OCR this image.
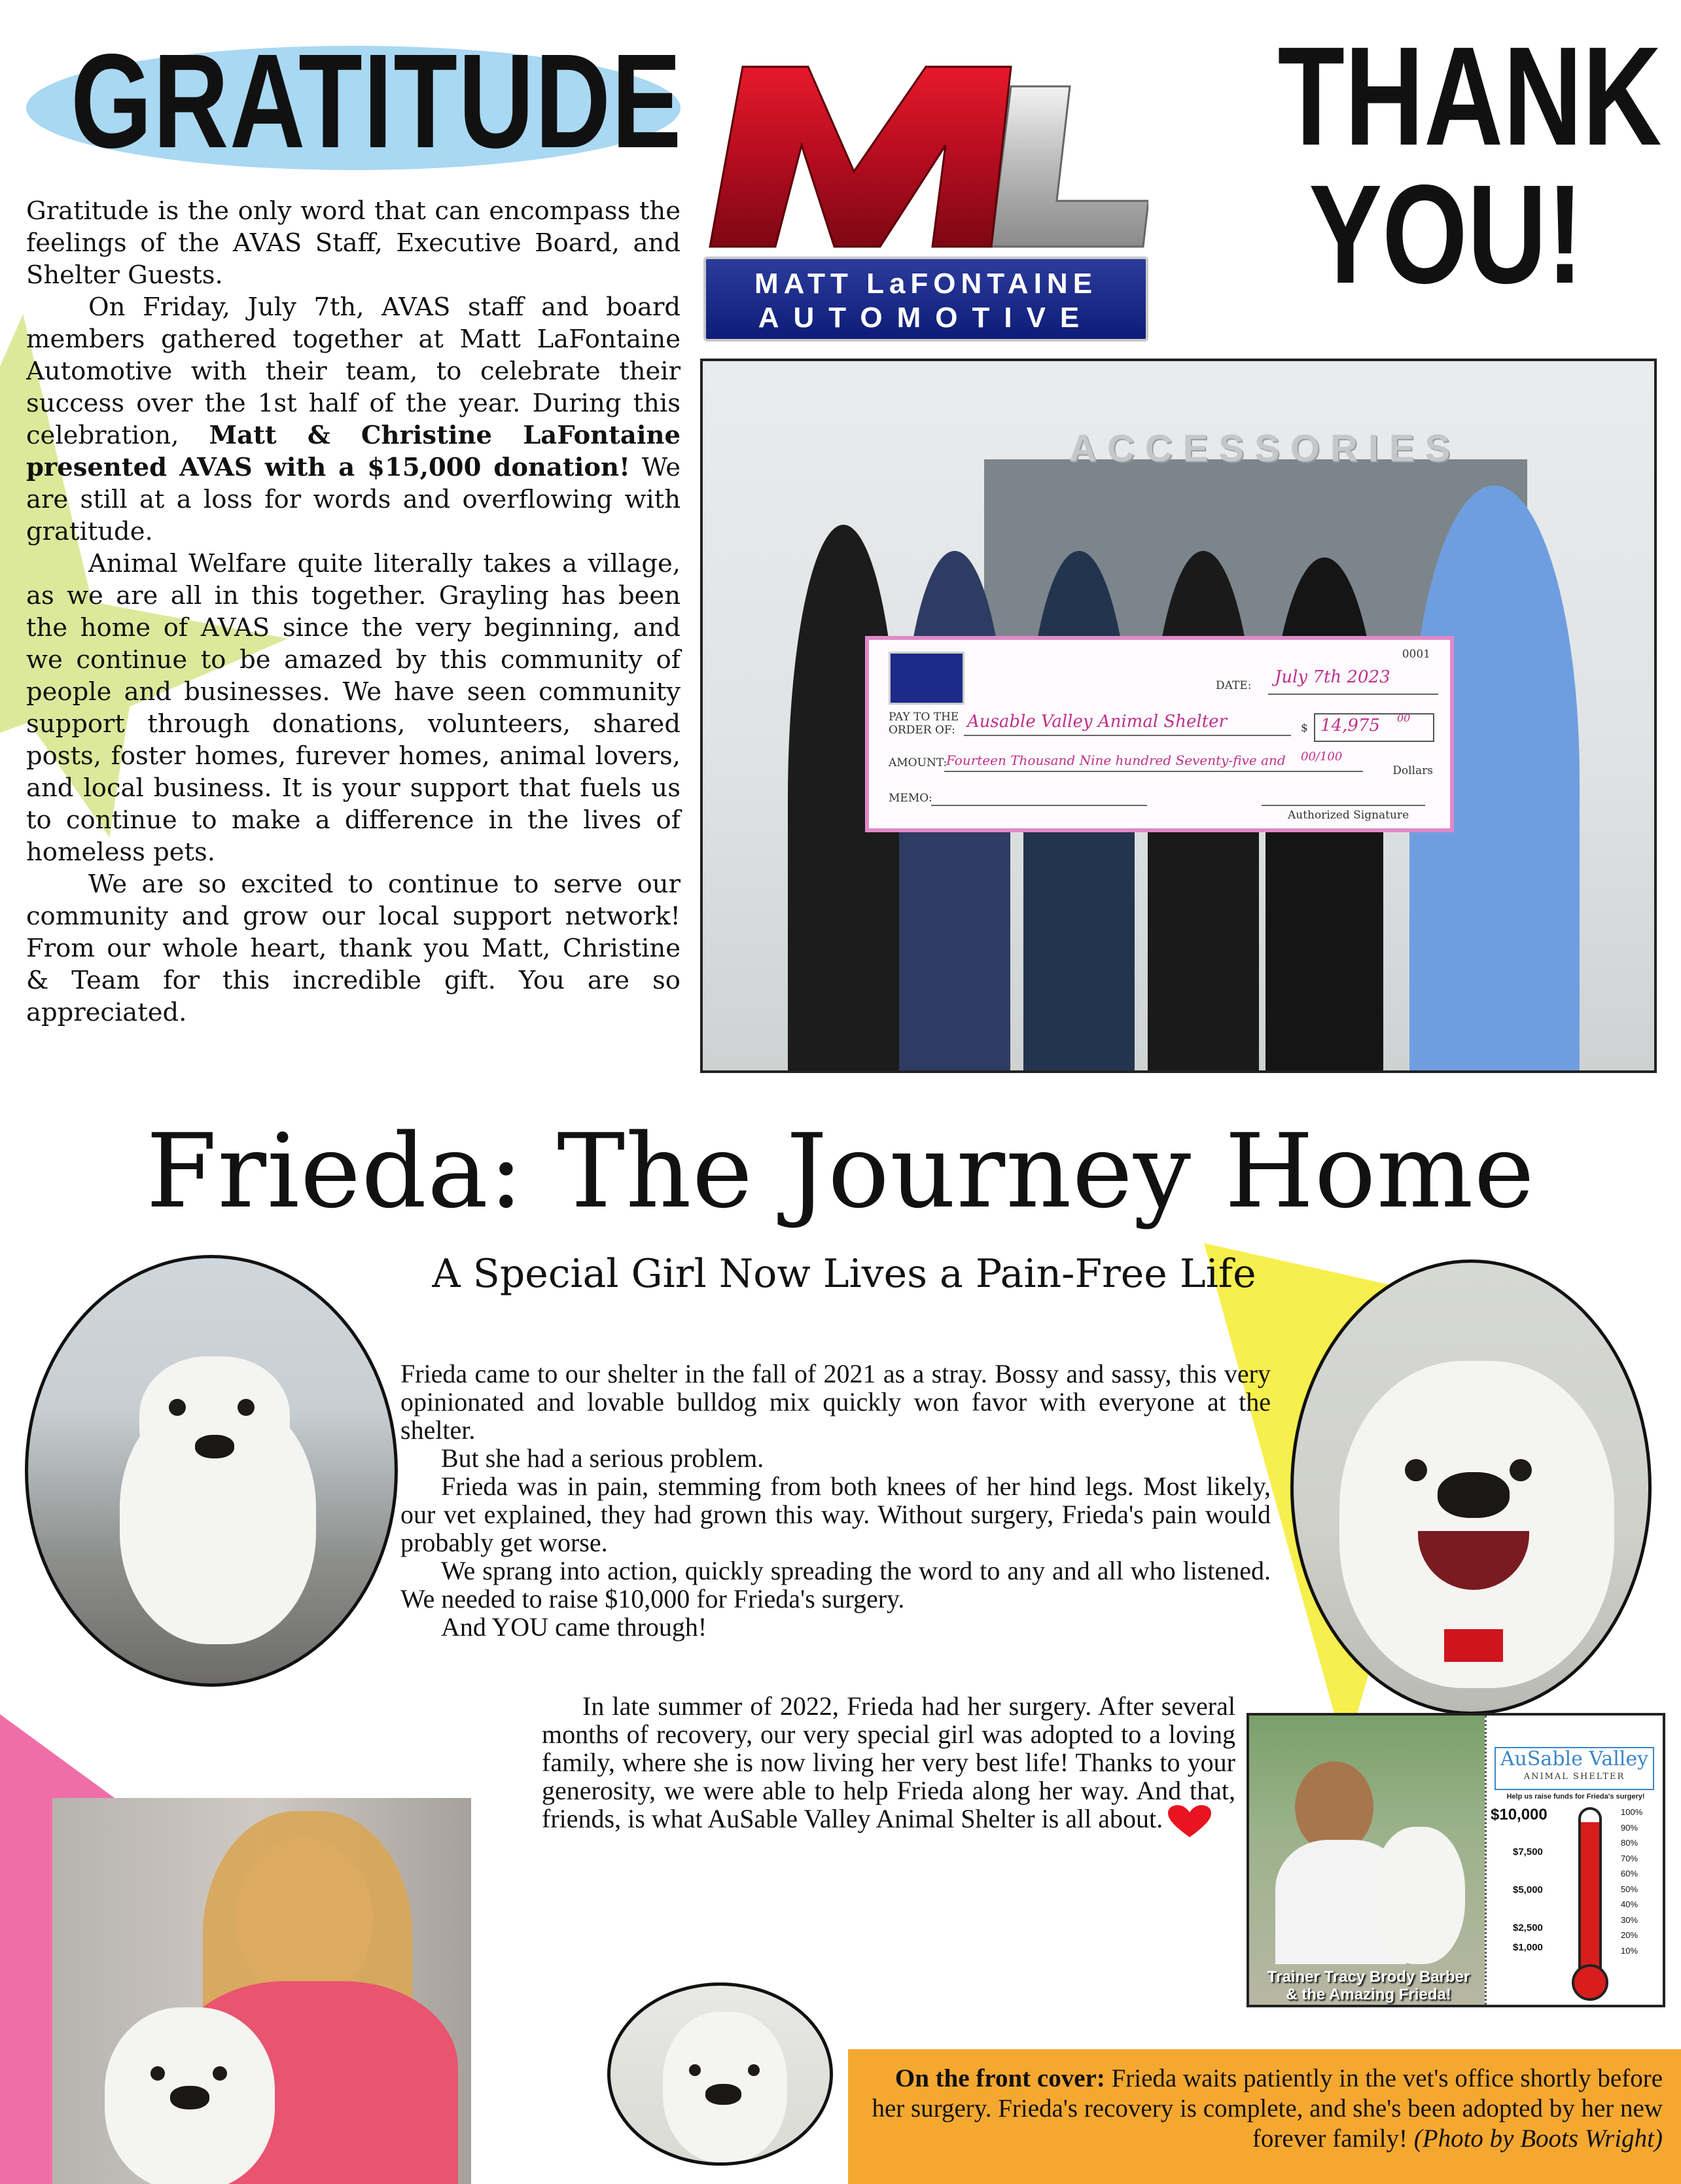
GRATITUDE	THANK
YOU!
MATT LaFONTAINE
AUTOMOTIVE

Gratitude is the only word that can encompass the feelings of the AVAS Staff, Executive Board, and Shelter Guests.

On Friday, July 7th, AVAS staff and board members gathered together at Matt LaFontaine Automotive with their team, to celebrate their success over the 1st half of the year. During this celebration, Matt & Christine LaFontaine presented AVAS with a $15,000 donation! We are still at a loss for words and overflowing with gratitude.

Animal Welfare quite literally takes a village, as we are all in this together. Grayling has been the home of AVAS since the very beginning, and we continue to be amazed by this community of people and businesses. We have seen community support through donations, volunteers, shared posts, foster homes, furever homes, animal lovers, and local business. It is your support that fuels us to continue to make a difference in the lives of homeless pets.

We are so excited to continue to serve our community and grow our local support network! From our whole heart, thank you Matt, Christine & Team for this incredible gift. You are so appreciated.

ACCESSORIES
0001
DATE: July 7th 2023
PAY TO THE ORDER OF: Ausable Valley Animal Shelter	$ 14,975 00
AMOUNT:
Fourteen Thousand Nine hundred Seventy-five and 00/100
Dollars
MEMO:
Authorized Signature
Frieda: The Journey Home
A Special Girl Now Lives a Pain-Free Life

Frieda came to our shelter in the fall of 2021 as a stray. Bossy and sassy, this very opinionated and lovable bulldog mix quickly won favor with everyone at the shelter.

But she had a serious problem.

Frieda was in pain, stemming from both knees of her hind legs. Most likely, our vet explained, they had grown this way. Without surgery, Frieda's pain would probably get worse.

We sprang into action, quickly spreading the word to any and all who listened. We needed to raise $10,000 for Frieda's surgery.

And YOU came through!

In late summer of 2022, Frieda had her surgery. After several months of recovery, our very special girl was adopted to a loving family, where she is now living her very best life! Thanks to your generosity, we were able to help Frieda along her way. And that, friends, is what AuSable Valley Animal Shelter is all about.

Trainer Tracy Brody Barber
& the Amazing Frieda!
AuSable Valley
ANIMAL SHELTER
Help us raise funds for Frieda's surgery!
$10,000
$7,500
$5,000
$2,500
$1,000
100%
90%
80%
70%
60%
50%
40%
30%
20%
10%
On the front cover: Frieda waits patiently in the vet's office shortly before her surgery. Frieda's recovery is complete, and she's been adopted by her new forever family! (Photo by Boots Wright)
